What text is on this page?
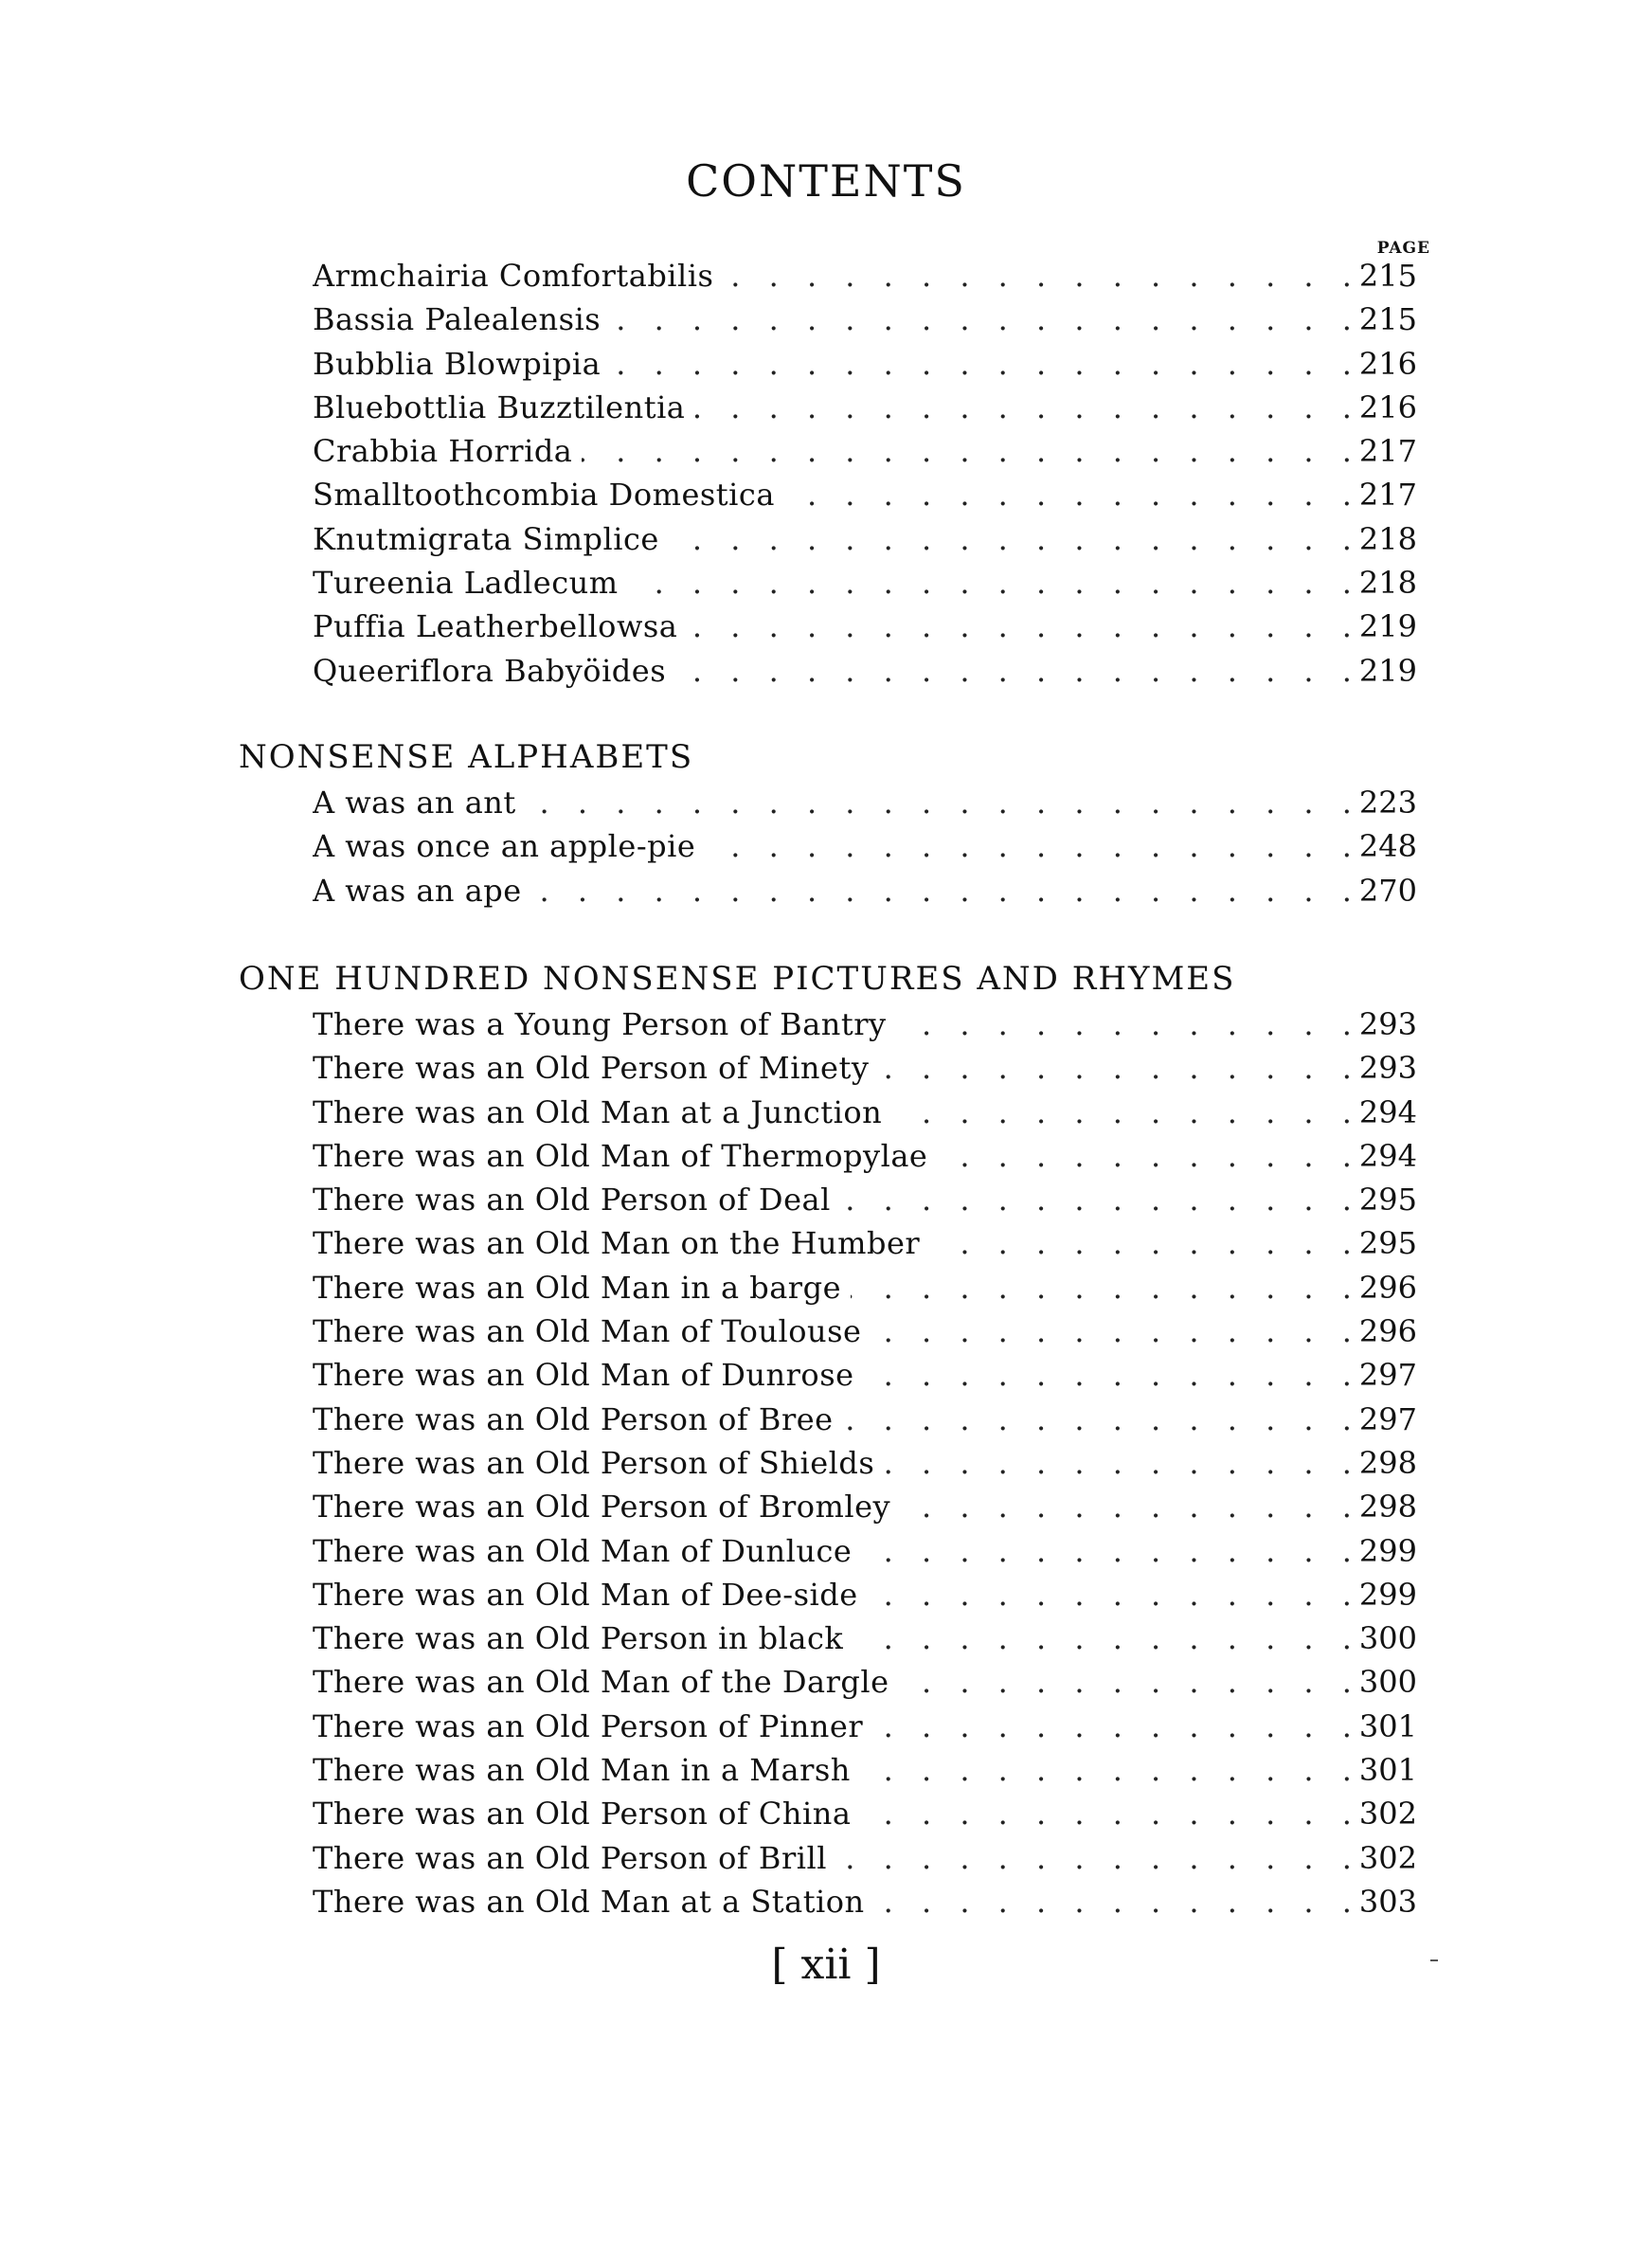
CONTENTS
PAGE
Armchairia Comfortabilis . . .	215
Bassia Palealensis . . .	215
Bubblia Blowpipia . . .	216
Bluebottlia Buzztilentia . . .	216
Crabbia Horrida . . .	217
Smalltoothcombia Domestica . . .	217
Knutmigrata Simplice . . .	218
Tureenia Ladlecum . . .	218
Puffia Leatherbellowsa . . .	219
Queeriflora Babyöides . . .	219
NONSENSE ALPHABETS
A was an ant . . .	223
A was once an apple-pie . . .	248
A was an ape . . .	270
ONE HUNDRED NONSENSE PICTURES AND RHYMES
There was a Young Person of Bantry . . .	293
There was an Old Person of Minety . . .	293
There was an Old Man at a Junction . . .	294
There was an Old Man of Thermopylae . . .	294
There was an Old Person of Deal . . .	295
There was an Old Man on the Humber . . .	295
There was an Old Man in a barge . . .	296
There was an Old Man of Toulouse . . .	296
There was an Old Man of Dunrose . . .	297
There was an Old Person of Bree . . .	297
There was an Old Person of Shields . . .	298
There was an Old Person of Bromley . . .	298
There was an Old Man of Dunluce . . .	299
There was an Old Man of Dee-side . . .	299
There was an Old Person in black . . .	300
There was an Old Man of the Dargle . . .	300
There was an Old Person of Pinner . . .	301
There was an Old Man in a Marsh . . .	301
There was an Old Person of China . . .	302
There was an Old Person of Brill . . .	302
There was an Old Man at a Station . . .	303
[ xii ]
